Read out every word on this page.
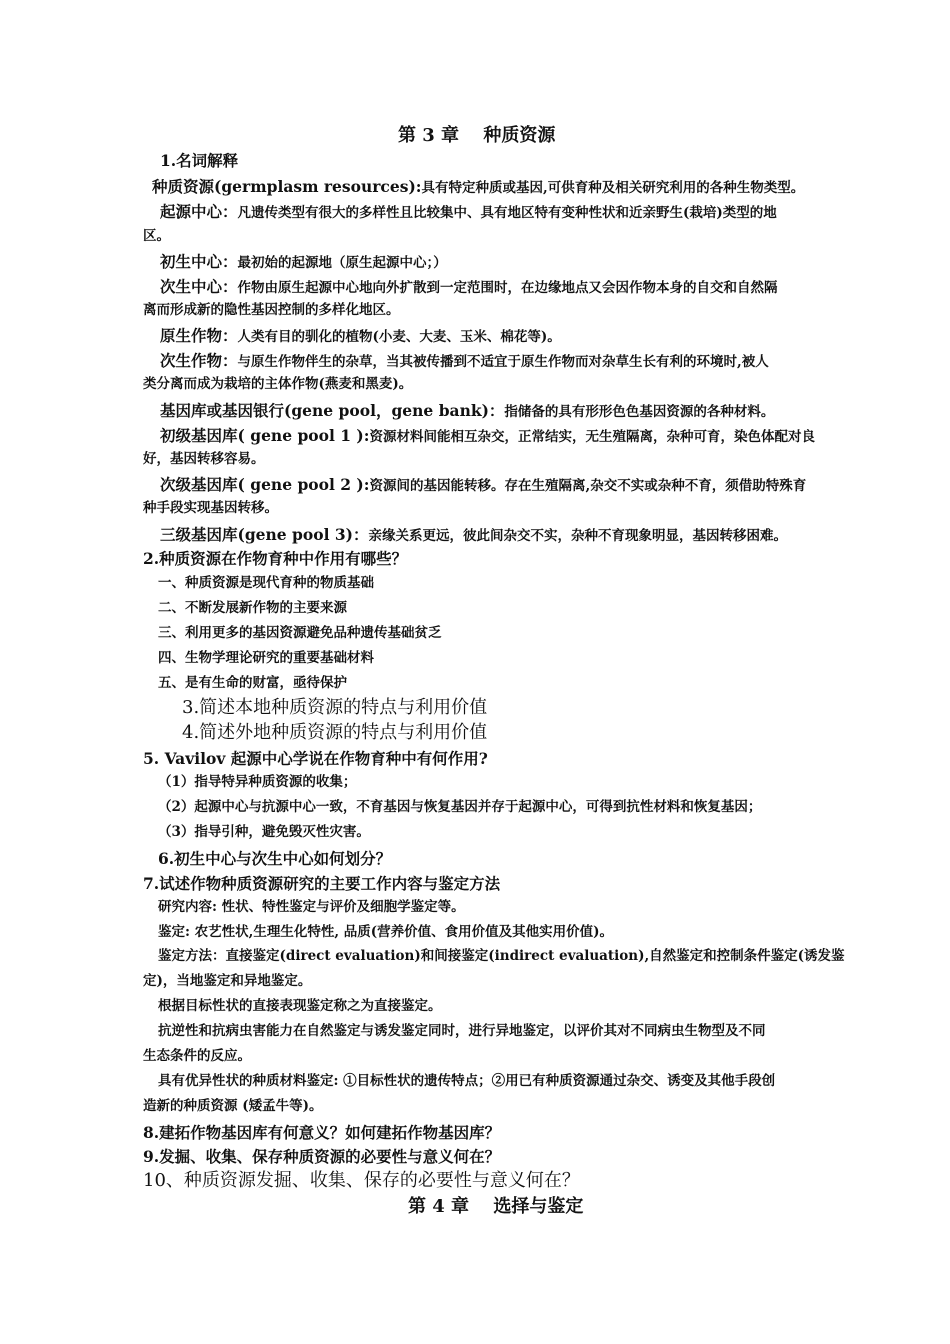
第 3 章　 种质资源
1.名词解释
种质资源(germplasm resources):具有特定种质或基因,可供育种及相关研究利用的各种生物类型。
起源中心：凡遗传类型有很大的多样性且比较集中、具有地区特有变种性状和近亲野生(栽培)类型的地
区。
初生中心：最初始的起源地（原生起源中心；）
次生中心：作物由原生起源中心地向外扩散到一定范围时，在边缘地点又会因作物本身的自交和自然隔
离而形成新的隐性基因控制的多样化地区。
原生作物：人类有目的驯化的植物(小麦、大麦、玉米、棉花等)。
次生作物：与原生作物伴生的杂草，当其被传播到不适宜于原生作物而对杂草生长有利的环境时,被人
类分离而成为栽培的主体作物(燕麦和黑麦)。
基因库或基因银行(gene pool，gene bank)：指储备的具有形形色色基因资源的各种材料。
初级基因库( gene pool 1 ):资源材料间能相互杂交，正常结实，无生殖隔离，杂种可育，染色体配对良
好，基因转移容易。
次级基因库( gene pool 2 ):资源间的基因能转移。存在生殖隔离,杂交不实或杂种不育，须借助特殊育
种手段实现基因转移。
三级基因库(gene pool 3)：亲缘关系更远，彼此间杂交不实，杂种不育现象明显，基因转移困难。
2.种质资源在作物育种中作用有哪些？
一、种质资源是现代育种的物质基础
二、不断发展新作物的主要来源
三、利用更多的基因资源避免品种遗传基础贫乏
四、生物学理论研究的重要基础材料
五、是有生命的财富，亟待保护
3.简述本地种质资源的特点与利用价值
4.简述外地种质资源的特点与利用价值
5. Vavilov 起源中心学说在作物育种中有何作用?
（1）指导特异种质资源的收集；
（2）起源中心与抗源中心一致，不育基因与恢复基因并存于起源中心，可得到抗性材料和恢复基因；
（3）指导引种，避免毁灭性灾害。
6.初生中心与次生中心如何划分？
7.试述作物种质资源研究的主要工作内容与鉴定方法
研究内容: 性状、特性鉴定与评价及细胞学鉴定等。
鉴定: 农艺性状,生理生化特性, 品质(营养价值、食用价值及其他实用价值)。
鉴定方法：直接鉴定(direct evaluation)和间接鉴定(indirect evaluation),自然鉴定和控制条件鉴定(诱发鉴
定)，当地鉴定和异地鉴定。
根据目标性状的直接表现鉴定称之为直接鉴定。
抗逆性和抗病虫害能力在自然鉴定与诱发鉴定同时，进行异地鉴定，以评价其对不同病虫生物型及不同
生态条件的反应。
具有优异性状的种质材料鉴定: ①目标性状的遗传特点；②用已有种质资源通过杂交、诱变及其他手段创
造新的种质资源 (矮孟牛等)。
8.建拓作物基因库有何意义？如何建拓作物基因库？
9.发掘、收集、保存种质资源的必要性与意义何在？
10、种质资源发掘、收集、保存的必要性与意义何在？
第 4 章　 选择与鉴定
